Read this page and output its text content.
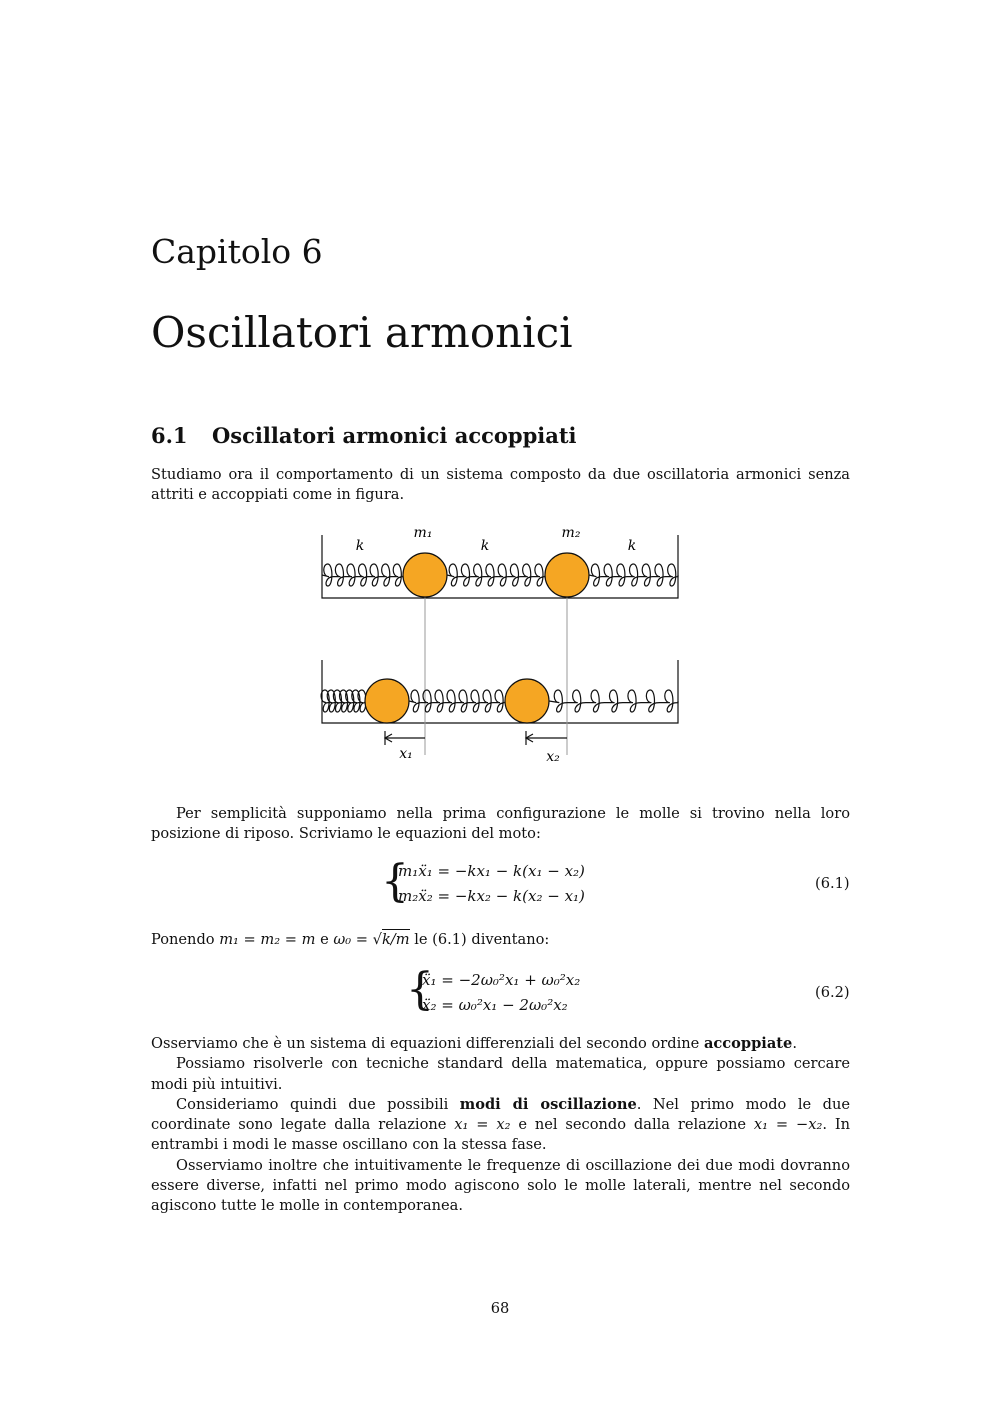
Capitolo 6
Oscillatori armonici
6.1 Oscillatori armonici accoppiati
Studiamo ora il comportamento di un sistema composto da due oscillatoria armonici senza attriti e accoppiati come in figura.
k	k	k
m₁	m₂
x₁	x₂
Per semplicità supponiamo nella prima configurazione le molle si trovino nella loro posizione di riposo. Scriviamo le equazioni del moto:
{
m₁ẍ₁ = −kx₁ − k(x₁ − x₂)
m₂ẍ₂ = −kx₂ − k(x₂ − x₁)
(6.1)
Ponendo m₁ = m₂ = m e ω₀ = √k/m le (6.1) diventano:
{
ẍ₁ = −2ω₀²x₁ + ω₀²x₂
ẍ₂ = ω₀²x₁ − 2ω₀²x₂
(6.2)
Osserviamo che è un sistema di equazioni differenziali del secondo ordine accoppiate.
Possiamo risolverle con tecniche standard della matematica, oppure possiamo cercare modi più intuitivi.
Consideriamo quindi due possibili modi di oscillazione. Nel primo modo le due coordinate sono legate dalla relazione x₁ = x₂ e nel secondo dalla relazione x₁ = −x₂. In entrambi i modi le masse oscillano con la stessa fase.
Osserviamo inoltre che intuitivamente le frequenze di oscillazione dei due modi dovranno essere diverse, infatti nel primo modo agiscono solo le molle laterali, mentre nel secondo agiscono tutte le molle in contemporanea.
68
